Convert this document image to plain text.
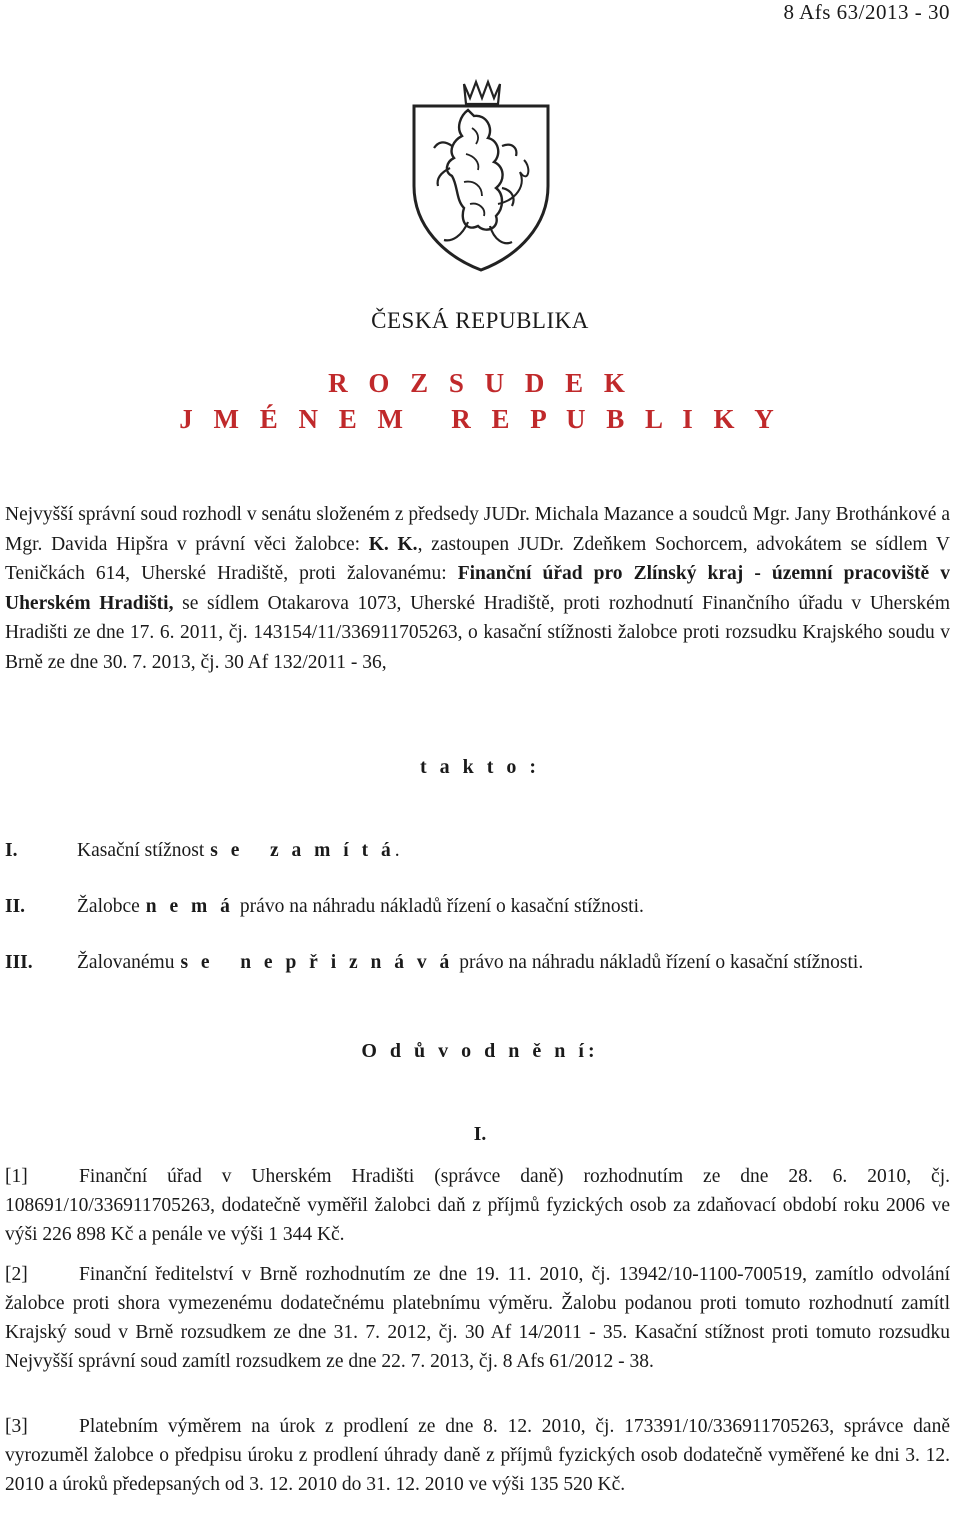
8 Afs 63/2013 - 30
ČESKÁ REPUBLIKA
R O Z S U D E K
J M É N E M   R E P U B L I K Y
Nejvyšší správní soud rozhodl v senátu složeném z předsedy JUDr. Michala Mazance a soudců Mgr. Jany Brothánkové a Mgr. Davida Hipšra v právní věci žalobce: K. K., zastoupen JUDr. Zdeňkem Sochorcem, advokátem se sídlem V Teničkách 614, Uherské Hradiště, proti žalovanému: Finanční úřad pro Zlínský kraj - územní pracoviště v Uherském Hradišti, se sídlem Otakarova 1073, Uherské Hradiště, proti rozhodnutí Finančního úřadu v Uherském Hradišti ze dne 17. 6. 2011, čj. 143154/11/336911705263, o kasační stížnosti žalobce proti rozsudku Krajského soudu v Brně ze dne 30. 7. 2013, čj. 30 Af 132/2011 - 36,
t a k t o :
I.	Kasační stížnost s e   z a m í t á.
II.	Žalobce n e m á právo na náhradu nákladů řízení o kasační stížnosti.
III. Žalovanému s e   n e p ř i z n á v á právo na náhradu nákladů řízení o kasační stížnosti.
O d ů v o d n ě n í:
I.
[1]	Finanční úřad v Uherském Hradišti (správce daně) rozhodnutím ze dne 28. 6. 2010, čj. 108691/10/336911705263, dodatečně vyměřil žalobci daň z příjmů fyzických osob za zdaňovací období roku 2006 ve výši 226 898 Kč a penále ve výši 1 344 Kč.
[2]	Finanční ředitelství v Brně rozhodnutím ze dne 19. 11. 2010, čj. 13942/10-1100-700519, zamítlo odvolání žalobce proti shora vymezenému dodatečnému platebnímu výměru. Žalobu podanou proti tomuto rozhodnutí zamítl Krajský soud v Brně rozsudkem ze dne 31. 7. 2012, čj. 30 Af 14/2011 - 35. Kasační stížnost proti tomuto rozsudku Nejvyšší správní soud zamítl rozsudkem ze dne 22. 7. 2013, čj. 8 Afs 61/2012 - 38.
[3]	Platebním výměrem na úrok z prodlení ze dne 8. 12. 2010, čj. 173391/10/336911705263, správce daně vyrozuměl žalobce o předpisu úroku z prodlení úhrady daně z příjmů fyzických osob dodatečně vyměřené ke dni 3. 12. 2010 a úroků předepsaných od 3. 12. 2010 do 31. 12. 2010 ve výši 135 520 Kč.
